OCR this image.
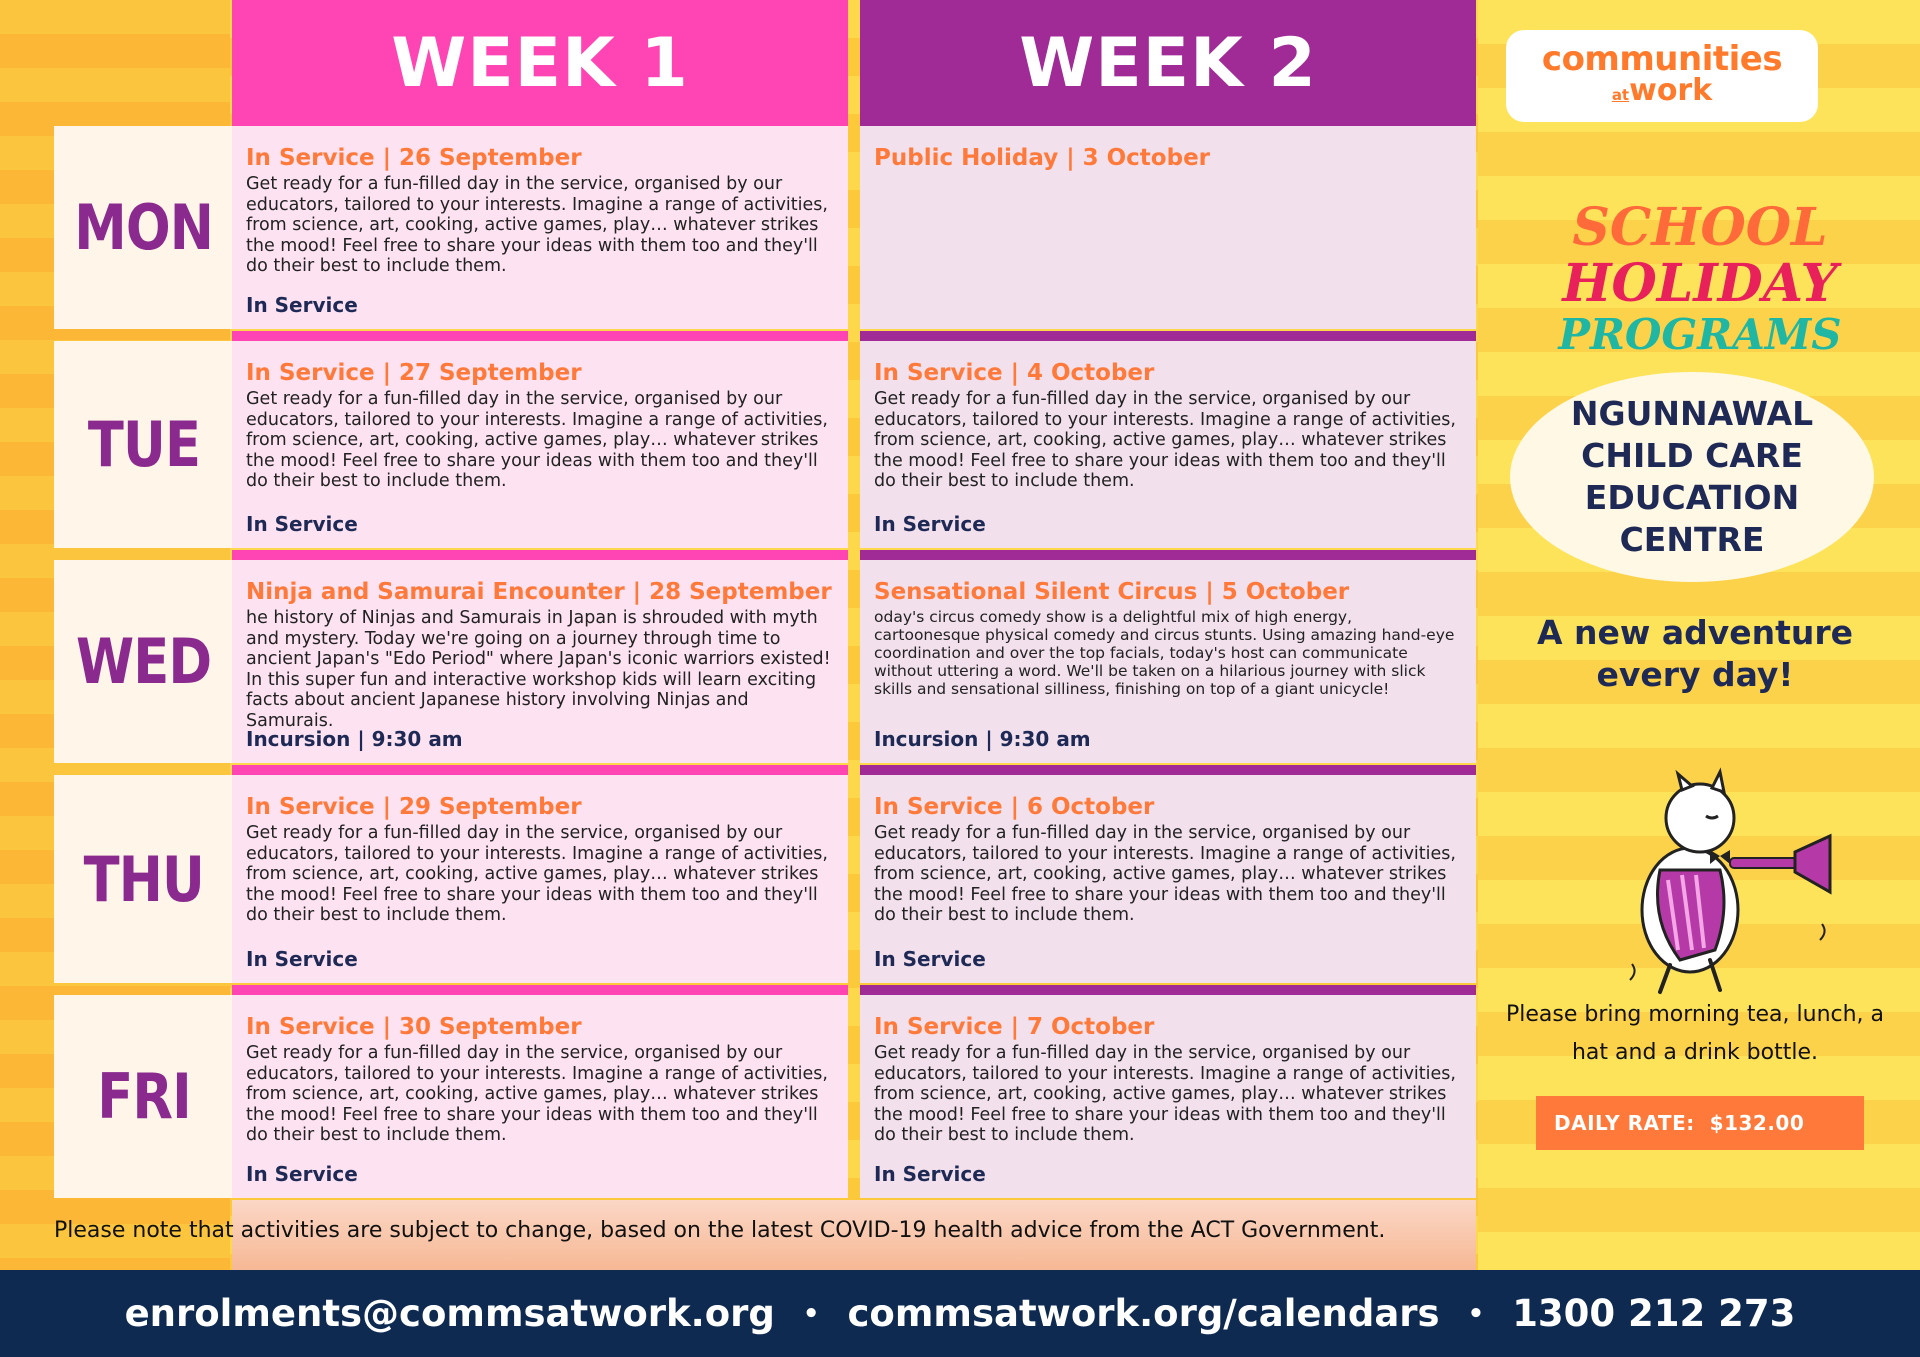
WEEK 1	WEEK 2
MON

In Service | 26 September

Get ready for a fun-filled day in the service, organised by our educators, tailored to your interests. Imagine a range of activities, from science, art, cooking, active games, play… whatever strikes the mood! Feel free to share your ideas with them too and they'll do their best to include them.

In Service

Public Holiday | 3 October

TUE

In Service | 27 September

Get ready for a fun-filled day in the service, organised by our educators, tailored to your interests. Imagine a range of activities, from science, art, cooking, active games, play… whatever strikes the mood! Feel free to share your ideas with them too and they'll do their best to include them.

In Service

In Service | 4 October

Get ready for a fun-filled day in the service, organised by our educators, tailored to your interests. Imagine a range of activities, from science, art, cooking, active games, play… whatever strikes the mood! Feel free to share your ideas with them too and they'll do their best to include them.

In Service
WED

Ninja and Samurai Encounter | 28 September

he history of Ninjas and Samurais in Japan is shrouded with myth and mystery. Today we're going on a journey through time to ancient Japan's "Edo Period" where Japan's iconic warriors existed! In this super fun and interactive workshop kids will learn exciting facts about ancient Japanese history involving Ninjas and Samurais.

Incursion | 9:30 am

Sensational Silent Circus | 5 October

oday's circus comedy show is a delightful mix of high energy, cartoonesque physical comedy and circus stunts. Using amazing hand-eye coordination and over the top facials, today's host can communicate without uttering a word. We'll be taken on a hilarious journey with slick skills and sensational silliness, finishing on top of a giant unicycle!

Incursion | 9:30 am
THU

In Service | 29 September

Get ready for a fun-filled day in the service, organised by our educators, tailored to your interests. Imagine a range of activities, from science, art, cooking, active games, play… whatever strikes the mood! Feel free to share your ideas with them too and they'll do their best to include them.

In Service

In Service | 6 October

Get ready for a fun-filled day in the service, organised by our educators, tailored to your interests. Imagine a range of activities, from science, art, cooking, active games, play… whatever strikes the mood! Feel free to share your ideas with them too and they'll do their best to include them.

In Service
FRI

In Service | 30 September

Get ready for a fun-filled day in the service, organised by our educators, tailored to your interests. Imagine a range of activities, from science, art, cooking, active games, play… whatever strikes the mood! Feel free to share your ideas with them too and they'll do their best to include them.

In Service

In Service | 7 October

Get ready for a fun-filled day in the service, organised by our educators, tailored to your interests. Imagine a range of activities, from science, art, cooking, active games, play… whatever strikes the mood! Feel free to share your ideas with them too and they'll do their best to include them.

In Service
communities
atwork
SCHOOL HOLIDAY
PROGRAMS
NGUNNAWAL CHILD CARE EDUCATION CENTRE
A new adventure every day!
Please bring morning tea, lunch, a hat and a drink bottle.
DAILY RATE:
$132.00
Please note that activities are subject to change, based on the latest COVID-19 health advice from the ACT Government.
enrolments@commsatwork.org • commsatwork.org/calendars • 1300 212 273
